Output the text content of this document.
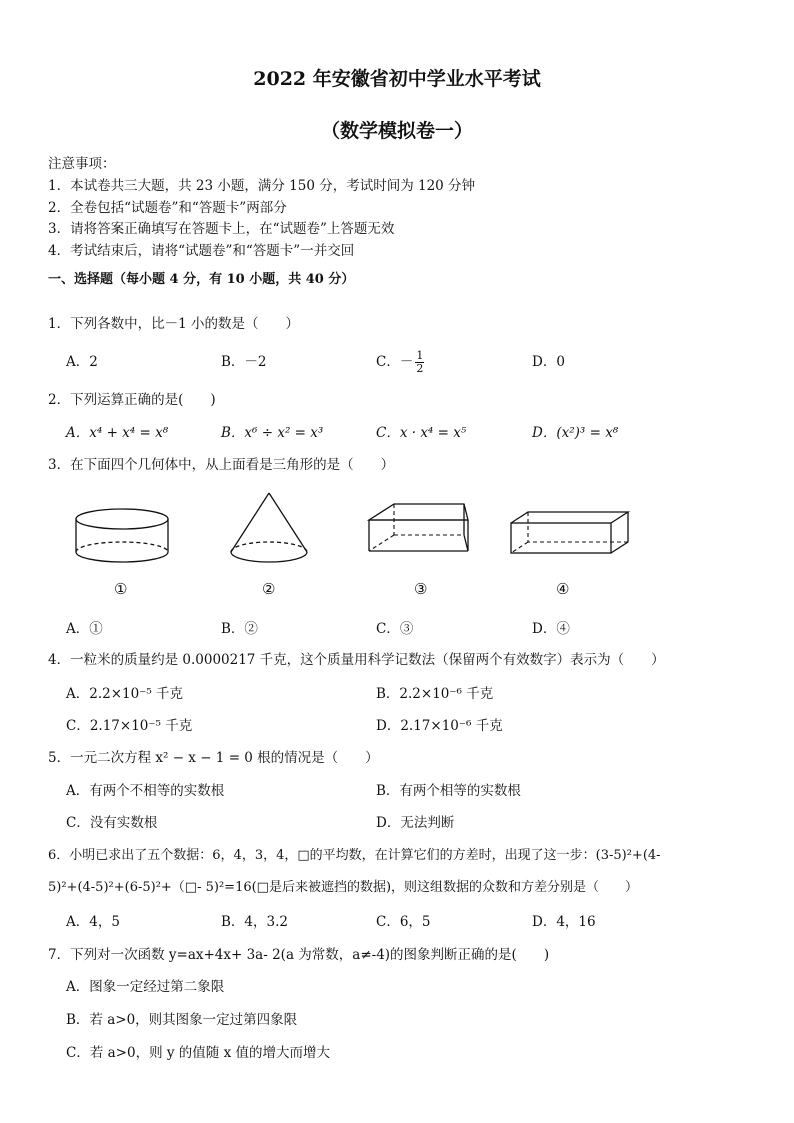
2022 年安徽省初中学业水平考试
（数学模拟卷一）
注意事项：
1．本试卷共三大题，共 23 小题，满分 150 分，考试时间为 120 分钟
2．全卷包括“试题卷”和“答题卡”两部分
3．请将答案正确填写在答题卡上，在“试题卷”上答题无效
4．考试结束后，请将“试题卷”和“答题卡”一并交回
一、选择题（每小题 4 分，有 10 小题，共 40 分）
1．下列各数中，比－1 小的数是（　　）
A．2	B．－2	C．－ $\frac{1}{2}$	D．0
2．下列运算正确的是(　　)
A．x⁴ + x⁴ = x⁸	B．x⁶ ÷ x² = x³	C．x · x⁴ = x⁵	D．(x²)³ = x⁸
3．在下面四个几何体中，从上面看是三角形的是（　　）
①	②	③	④
A．①	B．②	C．③	D．④
4．一粒米的质量约是 0.0000217 千克，这个质量用科学记数法（保留两个有效数字）表示为（　　）
A．2.2×10⁻⁵ 千克	B．2.2×10⁻⁶ 千克
C．2.17×10⁻⁵ 千克	D．2.17×10⁻⁶ 千克
5．一元二次方程 x² − x − 1 = 0 根的情况是（　　）
A．有两个不相等的实数根	B．有两个相等的实数根
C．没有实数根	D．无法判断
6．小明已求出了五个数据：6，4，3，4，□的平均数，在计算它们的方差时，出现了这一步：(3-5)²+(4-
5)²+(4-5)²+(6-5)²+（□- 5)²=16(□是后来被遮挡的数据)，则这组数据的众数和方差分别是（　　）
A．4，5	B．4，3.2	C．6，5	D．4，16
7．下列对一次函数 y=ax+4x+ 3a- 2(a 为常数，a≠-4)的图象判断正确的是(　　)
A．图象一定经过第二象限
B．若 a>0，则其图象一定过第四象限
C．若 a>0，则 y 的值随 x 值的增大而增大
